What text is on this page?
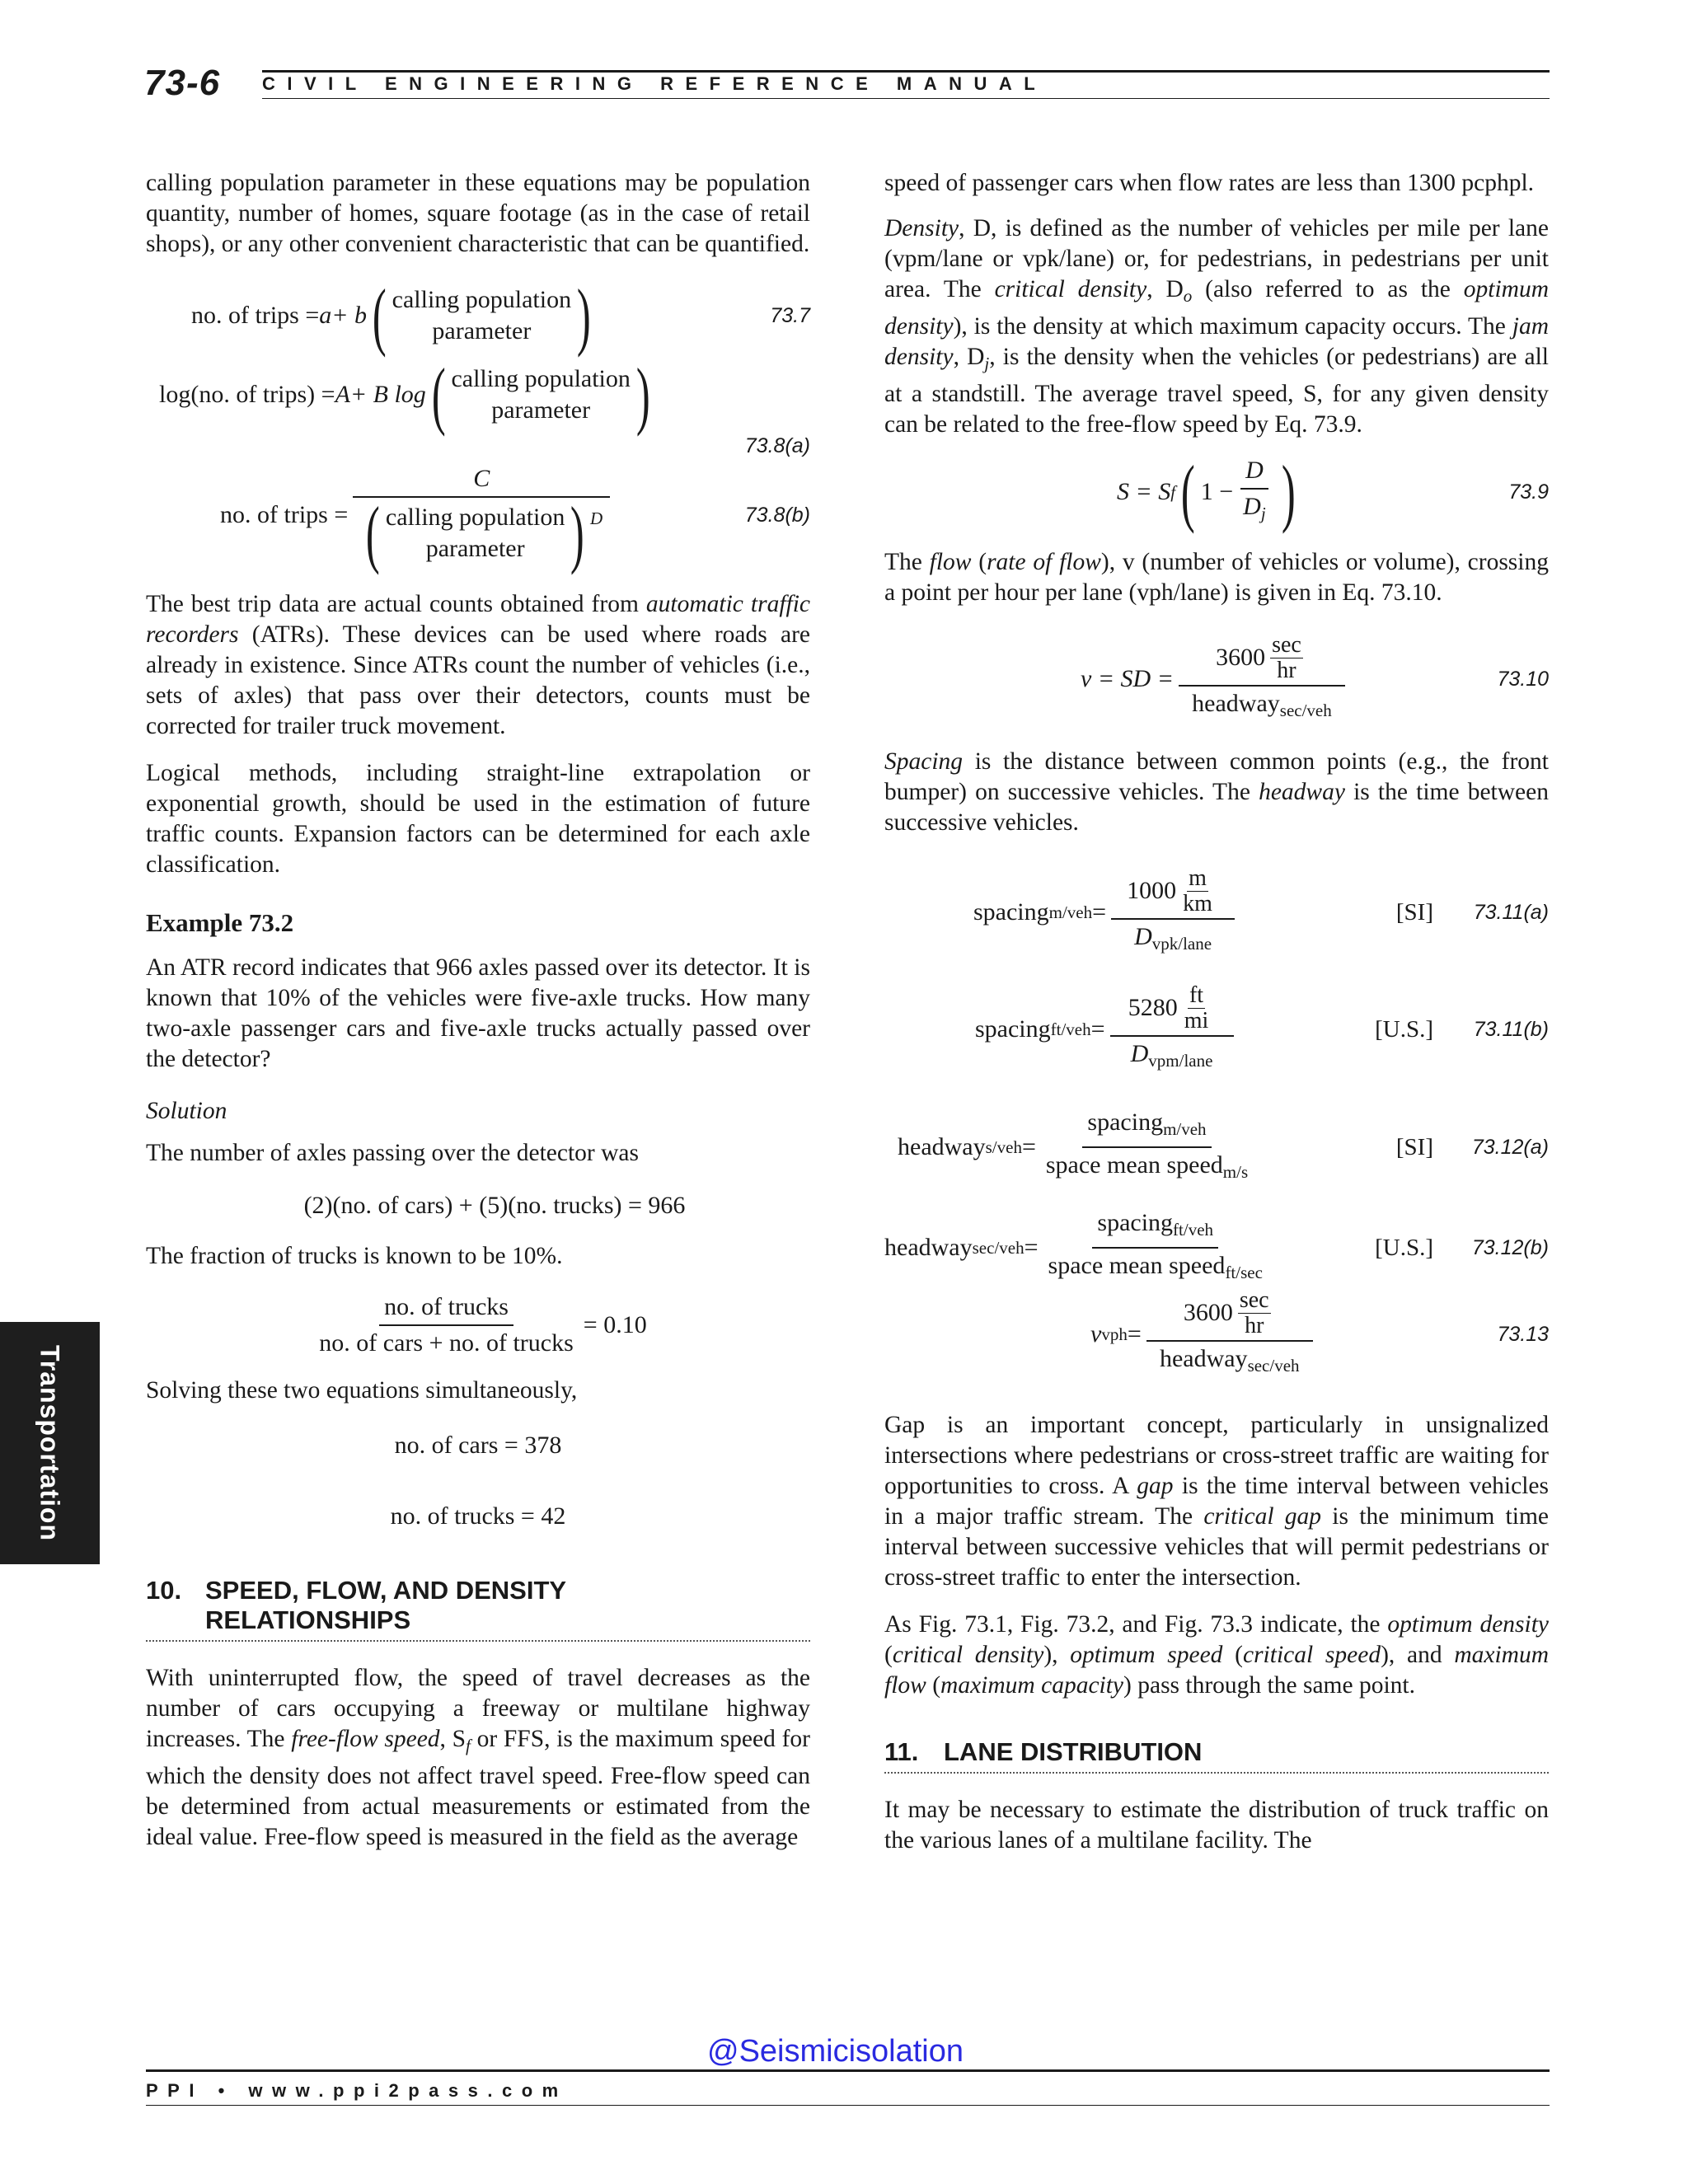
73-6 CIVIL ENGINEERING REFERENCE MANUAL
Transportation

calling population parameter in these equations may be population quantity, number of homes, square footage (as in the case of retail shops), or any other convenient characteristic that can be quantified.

no. of trips = a + b ( calling population
parameter )	73.7
log(no. of trips) = A + B log ( calling population
parameter )
73.8(a)
no. of trips =
C
( calling population
parameter ) D	73.8(b)

The best trip data are actual counts obtained from automatic traffic recorders (ATRs). These devices can be used where roads are already in existence. Since ATRs count the number of vehicles (i.e., sets of axles) that pass over their detectors, counts must be corrected for trailer truck movement.

Logical methods, including straight-line extrapolation or exponential growth, should be used in the estimation of future traffic counts. Expansion factors can be determined for each axle classification.

Example 73.2

An ATR record indicates that 966 axles passed over its detector. It is known that 10% of the vehicles were five-axle trucks. How many two-axle passenger cars and five-axle trucks actually passed over the detector?

Solution

The number of axles passing over the detector was

(2)(no. of cars) + (5)(no. trucks) = 966

The fraction of trucks is known to be 10%.

$\frac{\text{no. of trucks}}{\text{no. of cars + no. of trucks}} = 0.10$

Solving these two equations simultaneously,

no. of cars = 378
no. of trucks = 42
10. SPEED, FLOW, AND DENSITY
RELATIONSHIPS

With uninterrupted flow, the speed of travel decreases as the number of cars occupying a freeway or multilane highway increases. The free-flow speed, $S_f$ or FFS, is the maximum speed for which the density does not affect travel speed. Free-flow speed can be determined from actual measurements or estimated from the ideal value. Free-flow speed is measured in the field as the average

speed of passenger cars when flow rates are less than 1300 pcphpl.

Density, D, is defined as the number of vehicles per mile per lane (vpm/lane or vpk/lane) or, for pedestrians, in pedestrians per unit area. The critical density, $D_o$ (also referred to as the optimum density), is the density at which maximum capacity occurs. The jam density, $D_j$, is the density when the vehicles (or pedestrians) are all at a standstill. The average travel speed, S, for any given density can be related to the free-flow speed by Eq. 73.9.

S = S f ( $1 - \frac{D}{D_j}$ )	73.9

The flow (rate of flow), v (number of vehicles or volume), crossing a point per hour per lane (vph/lane) is given in Eq. 73.10.

v = SD = $\frac{3600 \frac{\sec}{hr}}{headway_{sec/veh}}$	73.10

Spacing is the distance between common points (e.g., the front bumper) on successive vehicles. The headway is the time between successive vehicles.

spacing $m/veh = \frac{1000 \frac{m}{km}}{D_{vpk/lane}}$	[SI] 73.11(a)
spacing $ft/veh = \frac{5280 \frac{ft}{mi}}{D_{vpm/lane}}$	[U.S.] 73.11(b)
headway $s/veh = \frac{spacing_{m/veh}}{space mean speed_{m/s}}$	[SI] 73.12(a)
headway $\sec/veh = \frac{spacing_{ft/veh}}{space mean speed_{ft/sec}}$	[U.S.] 73.12(b)
v vph = $\frac{3600 \frac{\sec}{hr}}{headway_{sec/veh}}$	73.13

Gap is an important concept, particularly in unsignalized intersections where pedestrians or cross-street traffic are waiting for opportunities to cross. A gap is the time interval between vehicles in a major traffic stream. The critical gap is the minimum time interval between successive vehicles that will permit pedestrians or cross-street traffic to enter the intersection.

As Fig. 73.1, Fig. 73.2, and Fig. 73.3 indicate, the optimum density (critical density), optimum speed (critical speed), and maximum flow (maximum capacity) pass through the same point.

11. LANE DISTRIBUTION

It may be necessary to estimate the distribution of truck traffic on the various lanes of a multilane facility. The

@Seismicisolation
PPI • www.ppi2pass.com
